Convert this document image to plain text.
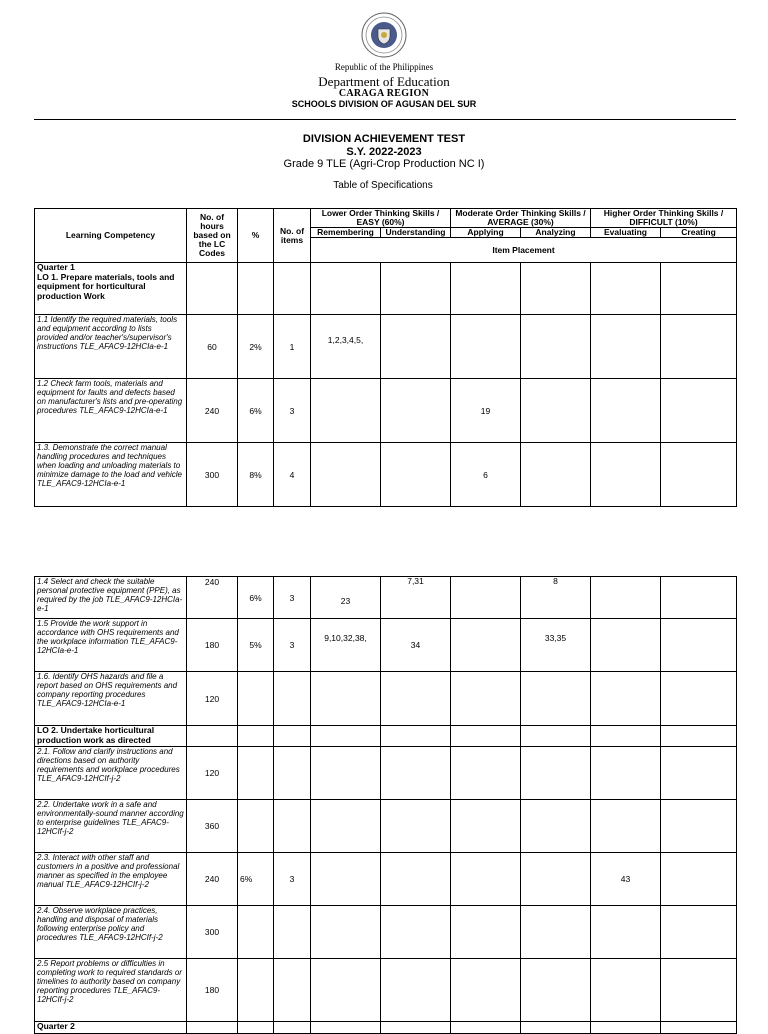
Republic of the Philippines
Department of Education
CARAGA REGION
SCHOOLS DIVISION OF AGUSAN DEL SUR
DIVISION ACHIEVEMENT TEST
S.Y. 2022-2023
Grade 9 TLE (Agri-Crop Production NC I)
Table of Specifications
Learning Competency	No. of hours based on the LC Codes	%	No. of items	Lower Order Thinking Skills / EASY (60%)		Moderate Order Thinking Skills / AVERAGE (30%)		Higher Order Thinking Skills / DIFFICULT (10%)	
				Remembering	Understanding	Applying	Analyzing	Evaluating	Creating
				Item Placement					

Quarter 1
LO 1. Prepare materials, tools and equipment for horticultural production Work									

1.1 Identify the required materials, tools and equipment according to lists provided and/or teacher's/supervisor's instructions TLE_AFAC9-12HCIa-e-1	60	2%	1	1,2,3,4,5,					
1.2 Check farm tools, materials and equipment for faults and defects based on manufacturer's lists and pre-operating procedures TLE_AFAC9-12HCIa-e-1	240	6%	3			19			
1.3. Demonstrate the correct manual handling procedures and techniques when loading and unloading materials to minimize damage to the load and vehicle TLE_AFAC9-12HCIa-e-1	300	8%	4			6			
1.4 Select and check the suitable personal protective equipment (PPE), as required by the job TLE_AFAC9-12HCIa-e-1	240	6%	3	23	7,31		8		
1.5 Provide the work support in accordance with OHS requirements and the workplace information TLE_AFAC9-12HCIa-e-1	180	5%	3	9,10,32,38,	34		33,35		
1.6. Identify OHS hazards and file a report based on OHS requirements and company reporting procedures TLE_AFAC9-12HCIa-e-1	120								
LO 2. Undertake horticultural production work as directed									
2.1. Follow and clarify instructions and directions based on authority requirements and workplace procedures TLE_AFAC9-12HCIf-j-2	120								
2.2. Undertake work in a safe and environmentally-sound manner according to enterprise guidelines TLE_AFAC9-12HCIf-j-2	360								
2.3. Interact with other staff and customers in a positive and professional manner as specified in the employee manual TLE_AFAC9-12HCIf-j-2	240	6%	3					43	
2.4. Observe workplace practices, handling and disposal of materials following enterprise policy and procedures TLE_AFAC9-12HCIf-j-2	300								
2.5 Report problems or difficulties in completing work to required standards or timelines to authority based on company reporting procedures TLE_AFAC9-12HCIf-j-2	180								
Quarter 2									
